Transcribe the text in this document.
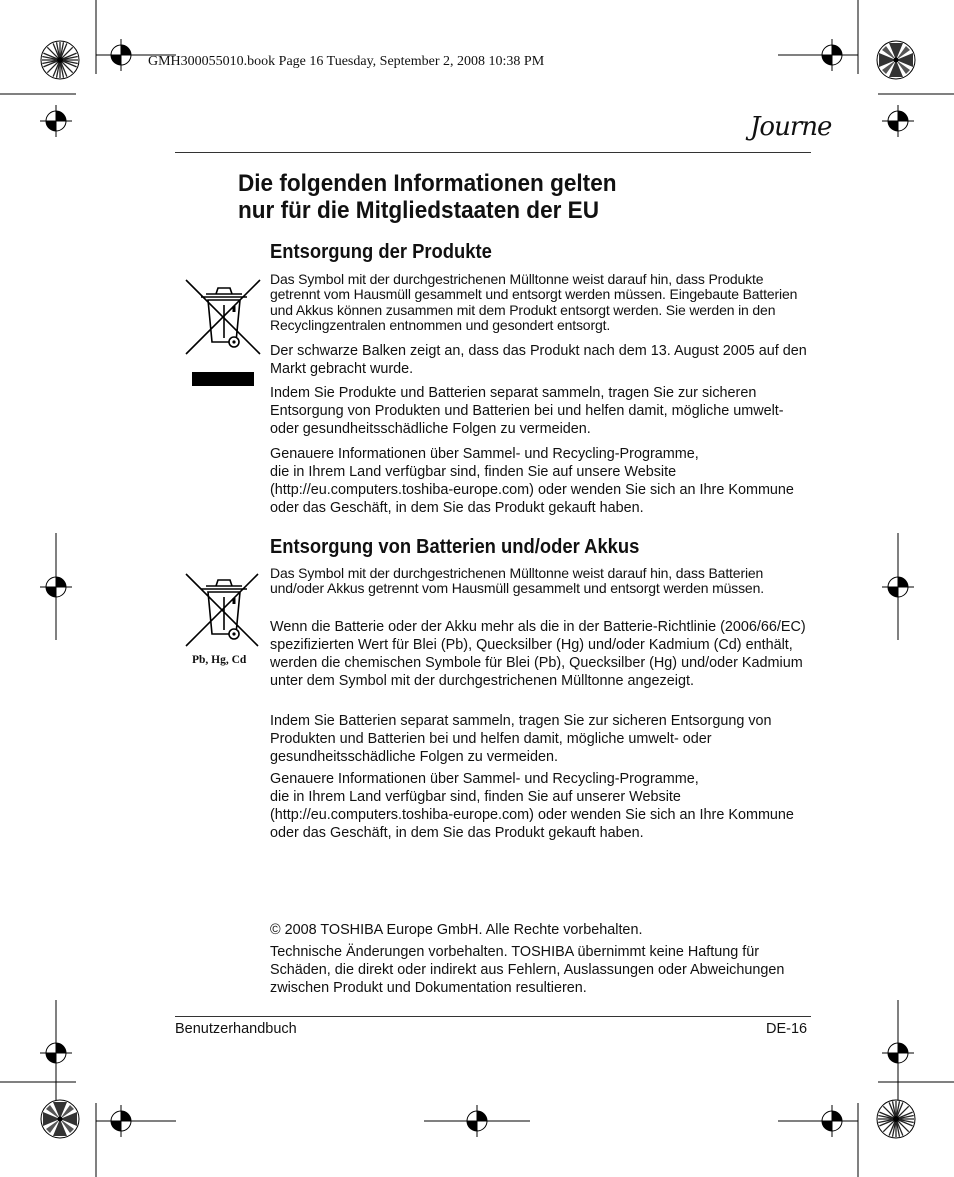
GMH300055010.book Page 16 Tuesday, September 2, 2008 10:38 PM
Journe
Die folgenden Informationen gelten
nur für die Mitgliedstaaten der EU
Entsorgung der Produkte

Das Symbol mit der durchgestrichenen Mülltonne weist darauf hin, dass Produkte getrennt vom Hausmüll gesammelt und entsorgt werden müssen. Eingebaute Batterien und Akkus können zusammen mit dem Produkt entsorgt werden. Sie werden in den Recyclingzentralen entnommen und gesondert entsorgt.

Der schwarze Balken zeigt an, dass das Produkt nach dem 13. August 2005 auf den Markt gebracht wurde.

Indem Sie Produkte und Batterien separat sammeln, tragen Sie zur sicheren Entsorgung von Produkten und Batterien bei und helfen damit, mögliche umwelt- oder gesundheitsschädliche Folgen zu vermeiden.

Genauere Informationen über Sammel- und Recycling-Programme,
die in Ihrem Land verfügbar sind, finden Sie auf unsere Website
(http://eu.computers.toshiba-europe.com) oder wenden Sie sich an Ihre Kommune oder das Geschäft, in dem Sie das Produkt gekauft haben.

Entsorgung von Batterien und/oder Akkus
Pb, Hg, Cd

Das Symbol mit der durchgestrichenen Mülltonne weist darauf hin, dass Batterien und/oder Akkus getrennt vom Hausmüll gesammelt und entsorgt werden müssen.

Wenn die Batterie oder der Akku mehr als die in der Batterie-Richtlinie (2006/66/EC) spezifizierten Wert für Blei (Pb), Quecksilber (Hg) und/oder Kadmium (Cd) enthält, werden die chemischen Symbole für Blei (Pb), Quecksilber (Hg) und/oder Kadmium unter dem Symbol mit der durchgestrichenen Mülltonne angezeigt.

Indem Sie Batterien separat sammeln, tragen Sie zur sicheren Entsorgung von Produkten und Batterien bei und helfen damit, mögliche umwelt- oder gesundheitsschädliche Folgen zu vermeiden.

Genauere Informationen über Sammel- und Recycling-Programme,
die in Ihrem Land verfügbar sind, finden Sie auf unserer Website
(http://eu.computers.toshiba-europe.com) oder wenden Sie sich an Ihre Kommune oder das Geschäft, in dem Sie das Produkt gekauft haben.

© 2008 TOSHIBA Europe GmbH. Alle Rechte vorbehalten.

Technische Änderungen vorbehalten. TOSHIBA übernimmt keine Haftung für Schäden, die direkt oder indirekt aus Fehlern, Auslassungen oder Abweichungen zwischen Produkt und Dokumentation resultieren.

Benutzerhandbuch	DE-16
